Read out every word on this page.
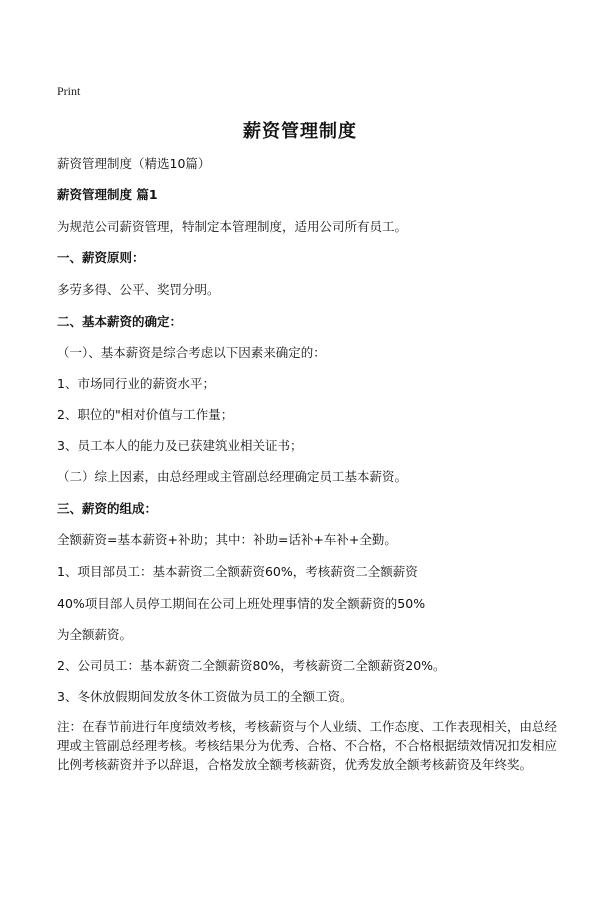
Print
薪资管理制度
薪资管理制度（精选10篇）
薪资管理制度 篇1
为规范公司薪资管理，特制定本管理制度，适用公司所有员工。
一、薪资原则：
多劳多得、公平、奖罚分明。
二、基本薪资的确定：
（一）、基本薪资是综合考虑以下因素来确定的：
1、市场同行业的薪资水平；
2、职位的"相对价值与工作量；
3、员工本人的能力及已获建筑业相关证书；
（二）综上因素，由总经理或主管副总经理确定员工基本薪资。
三、薪资的组成：
全额薪资=基本薪资+补助；其中：补助=话补+车补+全勤。
1、项目部员工：基本薪资二全额薪资60%，考核薪资二全额薪资
40%项目部人员停工期间在公司上班处理事情的发全额薪资的50%
为全额薪资。
2、公司员工：基本薪资二全额薪资80%，考核薪资二全额薪资20%。
3、冬休放假期间发放冬休工资做为员工的全额工资。
注：在春节前进行年度绩效考核，考核薪资与个人业绩、工作态度、工作表现相关，由总经理或主管副总经理考核。考核结果分为优秀、合格、不合格，不合格根据绩效情况扣发相应比例考核薪资并予以辞退，合格发放全额考核薪资，优秀发放全额考核薪资及年终奖。
